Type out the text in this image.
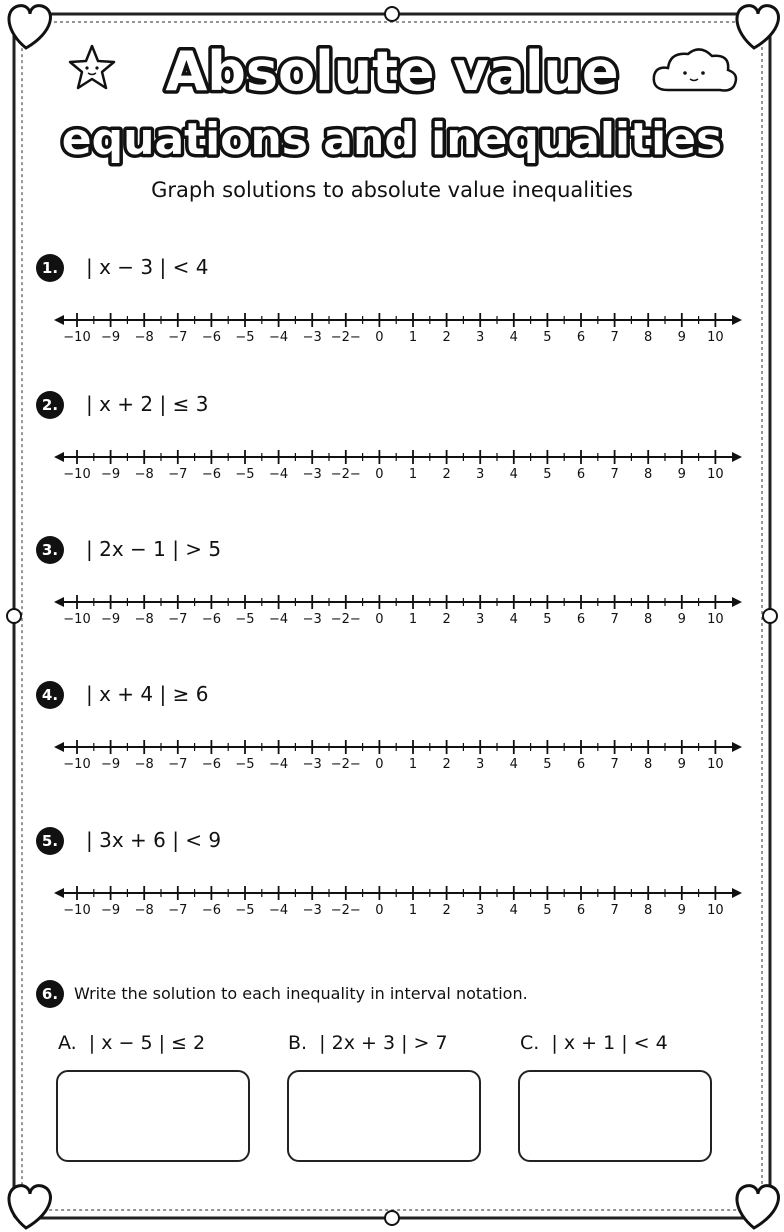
Absolute value
equations and inequalities
Graph solutions to absolute value inequalities
1. | x − 3 | < 4
−10 −9 −8 −7 −6 −5 −4 −3 −2− 0 1 2 3 4 5 6 7 8 9 10
2. | x + 2 | ≤ 3
−10 −9 −8 −7 −6 −5 −4 −3 −2− 0 1 2 3 4 5 6 7 8 9 10
3. | 2x − 1 | > 5
−10 −9 −8 −7 −6 −5 −4 −3 −2− 0 1 2 3 4 5 6 7 8 9 10
4. | x + 4 | ≥ 6
−10 −9 −8 −7 −6 −5 −4 −3 −2− 0 1 2 3 4 5 6 7 8 9 10
5. | 3x + 6 | < 9
−10 −9 −8 −7 −6 −5 −4 −3 −2− 0 1 2 3 4 5 6 7 8 9 10
6. Write the solution to each inequality in interval notation.
A. | x − 5 | ≤ 2	B. | 2x + 3 | > 7	C. | x + 1 | < 4
